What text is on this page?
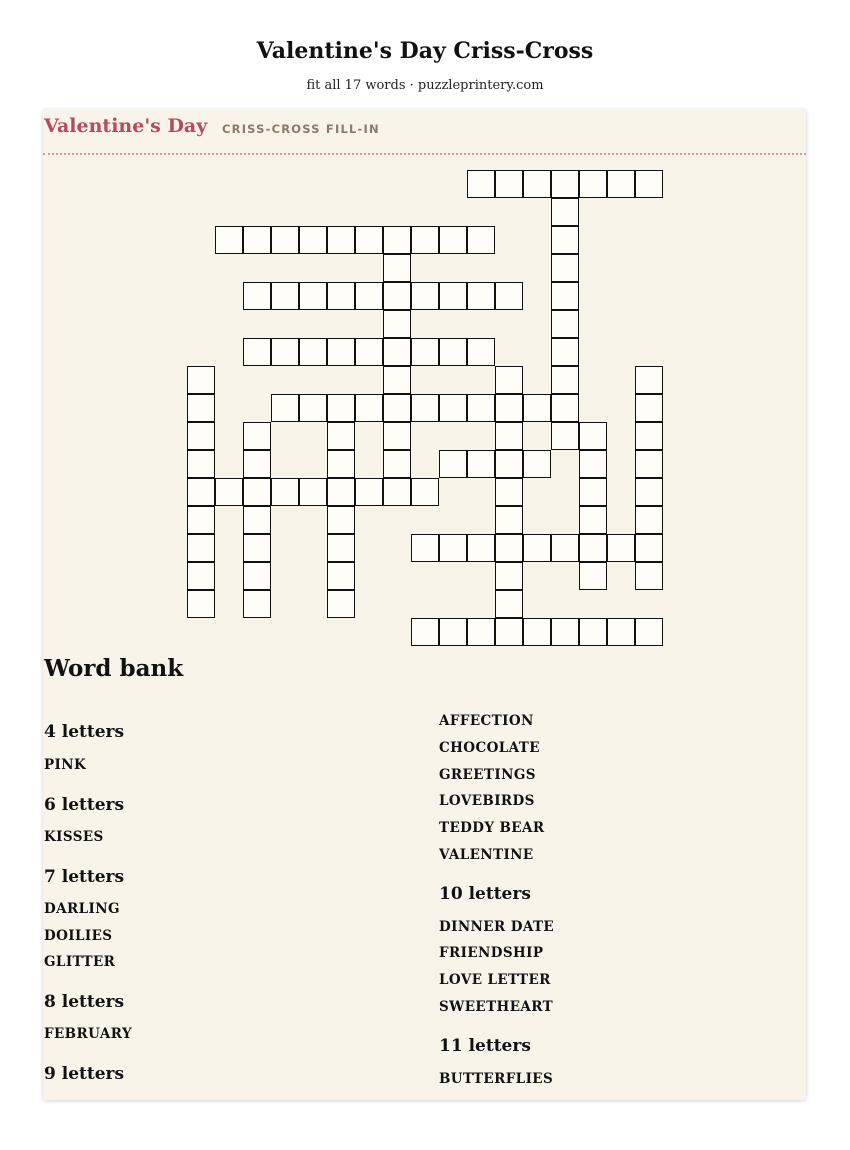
Valentine's Day Criss-Cross
fit all 17 words · puzzleprintery.com
Valentine's Day CRISS-CROSS FILL-IN
Word bank
4 letters
PINK
6 letters
KISSES
7 letters
DARLING
DOILIES
GLITTER
8 letters
FEBRUARY
9 letters
AFFECTION
CHOCOLATE
GREETINGS
LOVEBIRDS
TEDDY BEAR
VALENTINE
10 letters
DINNER DATE
FRIENDSHIP
LOVE LETTER
SWEETHEART
11 letters
BUTTERFLIES
